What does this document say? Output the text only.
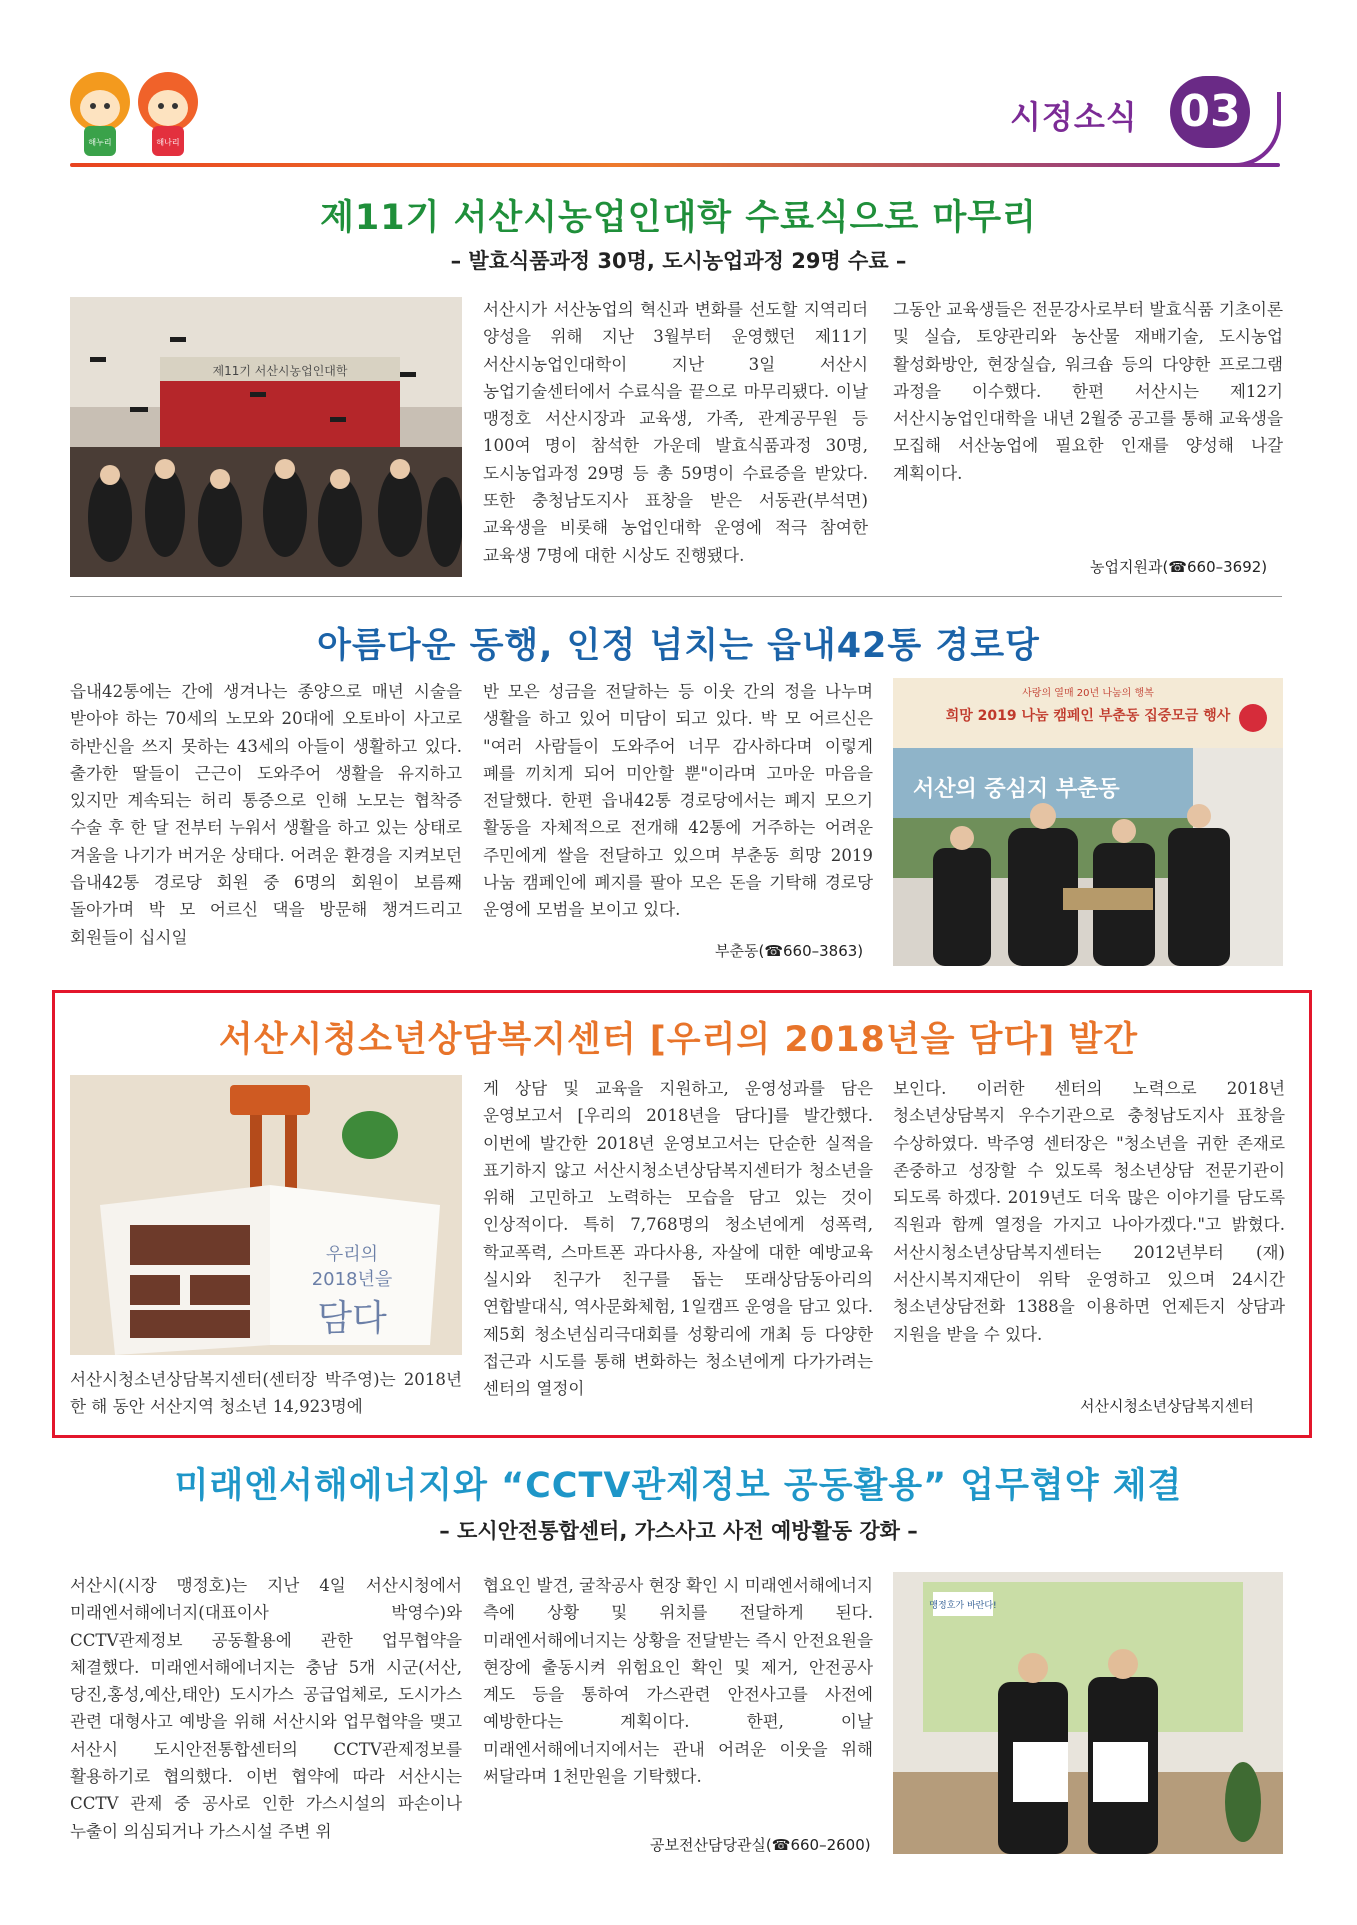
해누리	해나리
시정소식 03
제11기 서산시농업인대학 수료식으로 마무리
– 발효식품과정 30명, 도시농업과정 29명 수료 –
제11기 서산시농업인대학
서산시가 서산농업의 혁신과 변화를 선도할 지역리더 양성을 위해 지난 3월부터 운영했던 제11기 서산시농업인대학이 지난 3일 서산시 농업기술센터에서 수료식을 끝으로 마무리됐다. 이날 맹정호 서산시장과 교육생, 가족, 관계공무원 등 100여 명이 참석한 가운데 발효식품과정 30명, 도시농업과정 29명 등 총 59명이 수료증을 받았다. 또한 충청남도지사 표창을 받은 서동관(부석면)교육생을 비롯해 농업인대학 운영에 적극 참여한 교육생 7명에 대한 시상도 진행됐다.
그동안 교육생들은 전문강사로부터 발효식품 기초이론 및 실습, 토양관리와 농산물 재배기술, 도시농업 활성화방안, 현장실습, 워크숍 등의 다양한 프로그램 과정을 이수했다. 한편 서산시는 제12기 서산시농업인대학을 내년 2월중 공고를 통해 교육생을 모집해 서산농업에 필요한 인재를 양성해 나갈 계획이다.
농업지원과(☎660–3692)
아름다운 동행, 인정 넘치는 읍내42통 경로당
읍내42통에는 간에 생겨나는 종양으로 매년 시술을 받아야 하는 70세의 노모와 20대에 오토바이 사고로 하반신을 쓰지 못하는 43세의 아들이 생활하고 있다. 출가한 딸들이 근근이 도와주어 생활을 유지하고 있지만 계속되는 허리 통증으로 인해 노모는 협착증 수술 후 한 달 전부터 누워서 생활을 하고 있는 상태로 겨울을 나기가 버거운 상태다. 어려운 환경을 지켜보던 읍내42통 경로당 회원 중 6명의 회원이 보름째 돌아가며 박 모 어르신 댁을 방문해 챙겨드리고 회원들이 십시일
반 모은 성금을 전달하는 등 이웃 간의 정을 나누며 생활을 하고 있어 미담이 되고 있다. 박 모 어르신은 "여러 사람들이 도와주어 너무 감사하다며 이렇게 폐를 끼치게 되어 미안할 뿐"이라며 고마운 마음을 전달했다. 한편 읍내42통 경로당에서는 폐지 모으기 활동을 자체적으로 전개해 42통에 거주하는 어려운 주민에게 쌀을 전달하고 있으며 부춘동 희망 2019 나눔 캠페인에 폐지를 팔아 모은 돈을 기탁해 경로당 운영에 모범을 보이고 있다.
부춘동(☎660–3863)
사랑의 열매 20년 나눔의 행복
희망 2019 나눔 캠페인 부춘동 집중모금 행사
서산의 중심지 부춘동
서산시청소년상담복지센터 [우리의 2018년을 담다] 발간
우리의
2018년을
담다
서산시청소년상담복지센터(센터장 박주영)는 2018년 한 해 동안 서산지역 청소년 14,923명에
게 상담 및 교육을 지원하고, 운영성과를 담은 운영보고서 [우리의 2018년을 담다]를 발간했다. 이번에 발간한 2018년 운영보고서는 단순한 실적을 표기하지 않고 서산시청소년상담복지센터가 청소년을 위해 고민하고 노력하는 모습을 담고 있는 것이 인상적이다. 특히 7,768명의 청소년에게 성폭력, 학교폭력, 스마트폰 과다사용, 자살에 대한 예방교육 실시와 친구가 친구를 돕는 또래상담동아리의 연합발대식, 역사문화체험, 1일캠프 운영을 담고 있다. 제5회 청소년심리극대회를 성황리에 개최 등 다양한 접근과 시도를 통해 변화하는 청소년에게 다가가려는 센터의 열정이
보인다. 이러한 센터의 노력으로 2018년 청소년상담복지 우수기관으로 충청남도지사 표창을 수상하였다. 박주영 센터장은 "청소년을 귀한 존재로 존중하고 성장할 수 있도록 청소년상담 전문기관이 되도록 하겠다. 2019년도 더욱 많은 이야기를 담도록 직원과 함께 열정을 가지고 나아가겠다."고 밝혔다. 서산시청소년상담복지센터는 2012년부터 (재)서산시복지재단이 위탁 운영하고 있으며 24시간 청소년상담전화 1388을 이용하면 언제든지 상담과 지원을 받을 수 있다.
서산시청소년상담복지센터
미래엔서해에너지와 “CCTV관제정보 공동활용” 업무협약 체결
– 도시안전통합센터, 가스사고 사전 예방활동 강화 –
서산시(시장 맹정호)는 지난 4일 서산시청에서 미래엔서해에너지(대표이사 박영수)와 CCTV관제정보 공동활용에 관한 업무협약을 체결했다. 미래엔서해에너지는 충남 5개 시군(서산,당진,홍성,예산,태안) 도시가스 공급업체로, 도시가스 관련 대형사고 예방을 위해 서산시와 업무협약을 맺고 서산시 도시안전통합센터의 CCTV관제정보를 활용하기로 협의했다. 이번 협약에 따라 서산시는 CCTV 관제 중 공사로 인한 가스시설의 파손이나 누출이 의심되거나 가스시설 주변 위
협요인 발견, 굴착공사 현장 확인 시 미래엔서해에너지 측에 상황 및 위치를 전달하게 된다. 미래엔서해에너지는 상황을 전달받는 즉시 안전요원을 현장에 출동시켜 위험요인 확인 및 제거, 안전공사 계도 등을 통하여 가스관련 안전사고를 사전에 예방한다는 계획이다. 한편, 이날 미래엔서해에너지에서는 관내 어려운 이웃을 위해 써달라며 1천만원을 기탁했다.
공보전산담당관실(☎660–2600)
맹정호가 바란다!
